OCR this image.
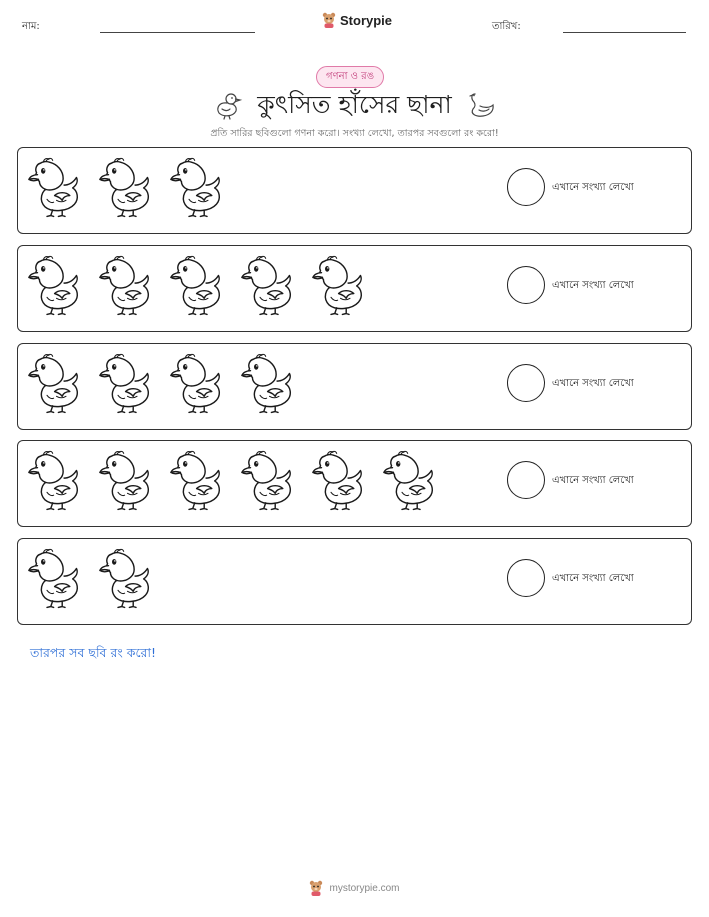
নাম:	Storypie	তারিখ:
গণনা ও রঙ
কুৎসিত হাঁসের ছানা
প্রতি সারির ছবিগুলো গণনা করো। সংখ্যা লেখো, তারপর সবগুলো রং করো!
এখানে সংখ্যা লেখো
এখানে সংখ্যা লেখো
এখানে সংখ্যা লেখো
এখানে সংখ্যা লেখো
এখানে সংখ্যা লেখো
তারপর সব ছবি রং করো!
mystorypie.com
